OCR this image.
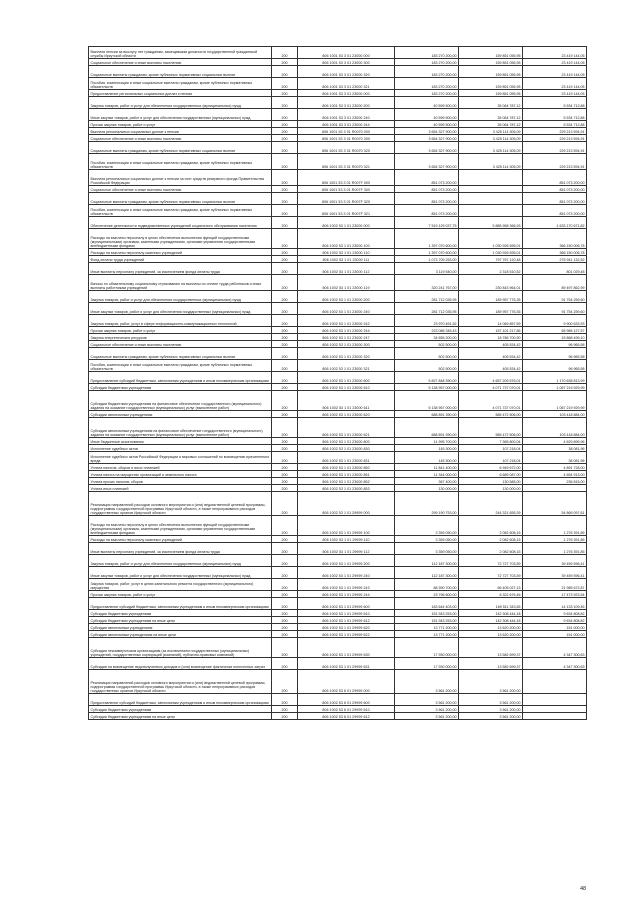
Выплата пенсии за выслугу лет гражданам, замещавшим должности государственной гражданской службы Иркутской области	200	806 1001 53 3 01 23000 000	183 270 200,00	159 851 055,95	23 419 144,05
Социальное обеспечение и иные выплаты населению	200	806 1001 53 3 01 23000 300	183 270 200,00	159 851 055,95	23 419 144,05
Социальные выплаты гражданам, кроме публичных нормативных социальных выплат	200	806 1001 53 3 01 23000 320	183 270 200,00	159 851 055,95	23 419 144,05
Пособия, компенсации и иные социальные выплаты гражданам, кроме публичных нормативных обязательств	200	806 1001 53 3 01 23000 321	183 270 200,00	159 851 055,95	23 419 144,05
Предоставление региональных социальных доплат к пенсии	200	806 1001 53 3 01 23000 000	183 270 200,00	159 851 055,95	23 419 144,05
Закупка товаров, работ и услуг для обеспечения государственных (муниципальных) нужд	200	806 1001 53 3 01 23000 200	40 599 500,00	35 064 787,12	5 534 712,88
Иные закупки товаров, работ и услуг для обеспечения государственных (муниципальных) нужд	200	806 1001 53 3 01 23000 240	40 599 500,00	35 064 787,12	5 534 712,88
Прочая закупка товаров, работ и услуг	200	806 1001 53 3 01 23000 244	40 599 500,00	35 064 787,12	5 534 712,88
Выплата региональных социальных доплат к пенсии	200	806 1001 53 3 01 R0070 000	3 654 327 900,00	3 425 114 305,09	229 213 594,91
Социальное обеспечение и иные выплаты населению	200	806 1001 53 3 01 R0070 300	3 654 327 900,00	3 425 114 305,09	229 213 594,91
Социальные выплаты гражданам, кроме публичных нормативных социальных выплат	200	806 1001 53 3 01 R0070 320	3 654 327 900,00	3 425 114 305,09	229 213 594,91
Пособия, компенсации и иные социальные выплаты гражданам, кроме публичных нормативных обязательств	200	806 1001 53 3 01 R0070 321	3 654 327 900,00	3 425 114 305,09	229 213 594,91
Выплата региональных социальных доплат к пенсии за счет средств резервного фонда Правительства Российской Федерации	200	806 1001 53 3 01 R007F 000	851 073 200,00		851 073 200,00
Социальное обеспечение и иные выплаты населению	200	806 1001 53 3 01 R007F 300	851 073 200,00		851 073 200,00
Социальные выплаты гражданам, кроме публичных нормативных социальных выплат	200	806 1001 53 3 01 R007F 320	851 073 200,00		851 073 200,00
Пособия, компенсации и иные социальные выплаты гражданам, кроме публичных нормативных обязательств	200	806 1001 53 3 01 R007F 321	851 073 200,00		851 073 200,00
Обеспечение деятельности подведомственных учреждений социального обслуживания населения	200	806 1002 53 1 01 23000 000	7 519 129 037,75	5 885 958 366,93	1 633 170 671,82
Расходы на выплаты персоналу в целях обеспечения выполнения функций государственными (муниципальными) органами, казенными учреждениями, органами управления государственными внебюджетными фондами	200	806 1002 53 1 01 23000 100	1 397 070 600,00	1 030 926 595,01	366 150 006,78
Расходы на выплаты персоналу казенных учреждений	200	806 1002 53 1 01 23000 110	1 397 070 600,00	1 030 926 595,01	366 150 006,78
Фонд оплаты труда учреждений	200	806 1002 53 1 01 23000 111	1 073 709 253,00	797 767 120,48	275 941 132,52
Иные выплаты персоналу учреждений, за исключением фонда оплаты труда	200	806 1002 53 1 01 23000 112	3 119 540,00	2 318 510,52	801 029,48
Взносы по обязательному социальному страхованию на выплаты по оплате труда работников и иные выплаты работникам учреждений	200	806 1002 53 1 01 23000 119	320 241 767,00	230 843 964,01	89 497 862,99
Закупка товаров, работ и услуг для обеспечения государственных (муниципальных) нужд	200	806 1002 53 1 01 23000 200	281 712 035,95	189 957 776,35	91 754 259,60
Иные закупки товаров, работ и услуг для обеспечения государственных (муниципальных) нужд	200	806 1002 53 1 01 23000 240	281 712 035,95	189 957 776,35	91 754 259,60
Закупка товаров, работ, услуг в сфере информационно-коммуникационных технологий	200	806 1002 53 1 01 23000 242	23 970 491,52	14 069 857,59	9 900 633,93
Прочая закупка товаров, работ и услуг	200	806 1002 53 1 01 23000 244	223 086 345,43	157 101 217,86	65 985 127,57
Закупка энергетических ресурсов	200	806 1002 53 1 01 23000 247	34 655 200,00	18 786 700,90	15 868 499,10
Социальное обеспечение и иные выплаты населению	200	806 1002 53 1 01 23000 300	502 500,00	405 534,42	96 965,58
Социальные выплаты гражданам, кроме публичных нормативных социальных выплат	200	806 1002 53 1 01 23000 320	502 500,00	405 534,42	96 965,58
Пособия, компенсации и иные социальные выплаты гражданам, кроме публичных нормативных обязательств	200	806 1002 53 1 01 23000 321	502 500,00	405 534,42	96 965,58
Предоставление субсидий бюджетным, автономным учреждениям и иным некоммерческим организациям	200	806 1002 53 1 01 23000 600	5 827 848 390,00	4 657 209 576,01	1 170 638 813,99
Субсидии бюджетным учреждениям	200	806 1002 53 1 01 23000 610	5 138 957 000,00	4 071 737 070,01	1 067 219 929,99
Субсидии бюджетным учреждениям на финансовое обеспечение государственного (муниципального) задания на оказание государственных (муниципальных) услуг (выполнение работ)	200	806 1002 53 1 01 23000 611	5 138 957 000,00	4 071 737 070,01	1 067 219 929,99
Субсидии автономным учреждениям	200	806 1002 53 1 01 23000 620	688 891 390,00	585 472 506,00	103 418 884,00
Субсидии автономным учреждениям на финансовое обеспечение государственного (муниципального) задания на оказание государственных (муниципальных) услуг (выполнение работ)	200	806 1002 53 1 01 23000 621	688 891 390,00	585 472 506,00	103 418 884,00
Иные бюджетные ассигнования	200	806 1002 53 1 01 23000 800	11 995 700,00	7 365 800,04	4 629 899,96
Исполнение судебных актов	200	806 1002 53 1 01 23000 830	145 300,00	107 218,04	38 081,96
Исполнение судебных актов Российской Федерации и мировых соглашений по возмещению причиненного вреда	200	806 1002 53 1 01 23000 831	145 300,00	107 218,04	38 081,96
Уплата налогов, сборов и иных платежей	200	806 1002 53 1 01 23000 850	11 841 400,00	6 949 672,00	4 891 728,00
Уплата налога на имущество организаций и земельного налога	200	806 1002 53 1 01 23000 851	11 344 000,00	6 689 087,00	4 654 913,00
Уплата прочих налогов, сборов	200	806 1002 53 1 01 23000 852	367 400,00	130 585,00	236 815,00
Уплата иных платежей	200	806 1002 53 1 01 23000 853	130 000,00	130 000,00	
Реализация направлений расходов основного мероприятия и (или) ведомственной целевой программы, подпрограммы государственной программы Иркутской области, а также непрограммных расходов государственных органов Иркутской области	200	806 1002 53 1 01 29999 000	299 190 753,00	244 321 655,39	54 869 097,61
Расходы на выплаты персоналу в целях обеспечения выполнения функций государственными (муниципальными) органами, казенными учреждениями, органами управления государственными внебюджетными фондами	200	806 1002 53 1 01 29999 100	3 359 050,00	2 082 608,15	1 276 391,85
Расходы на выплаты персоналу казенных учреждений	200	806 1002 53 1 01 29999 110	3 359 050,00	2 082 608,15	1 276 391,85
Иные выплаты персоналу учреждений, за исключением фонда оплаты труда	200	806 1002 53 1 01 29999 112	3 359 050,00	2 082 608,15	1 276 391,85
Закупка товаров, работ и услуг для обеспечения государственных (муниципальных) нужд	200	806 1002 53 1 01 29999 200	112 187 300,00	72 727 703,59	39 459 596,41
Иные закупки товаров, работ и услуг для обеспечения государственных (муниципальных) нужд	200	806 1002 53 1 01 29999 240	112 187 300,00	72 727 703,59	39 459 596,41
Закупка товаров, работ, услуг в целях капитального ремонта государственного (муниципального) имущества	200	806 1002 53 1 01 29999 243	88 390 700,00	66 405 027,13	21 985 672,87
Прочая закупка товаров, работ и услуг	200	806 1002 53 1 01 29999 244	23 796 600,00	6 322 676,46	17 473 923,54
Предоставление субсидий бюджетным, автономным учреждениям и иным некоммерческим организациям	200	806 1002 53 1 01 29999 600	183 644 403,00	169 511 343,65	14 133 109,45
Субсидии бюджетным учреждениям	200	806 1002 53 1 01 29999 610	151 943 253,00	142 308 444,18	9 634 808,82
Субсидии бюджетным учреждениям на иные цели	200	806 1002 53 1 01 29999 612	151 943 253,00	142 308 444,18	9 634 808,82
Субсидии автономным учреждениям	200	806 1002 53 1 01 29999 620	13 771 200,00	13 620 200,00	151 000,00
Субсидии автономным учреждениям на иные цели	200	806 1002 53 1 01 29999 622	13 771 200,00	13 620 200,00	151 000,00
Субсидии некоммерческим организациям (за исключением государственных (муниципальных) учреждений, государственных корпораций (компаний), публично-правовых компаний)	200	806 1002 53 1 01 29999 630	17 930 000,00	13 582 699,37	4 347 300,63
Субсидии на возмещение недополученных доходов и (или) возмещение фактически понесенных затрат	200	806 1002 53 1 01 29999 631	17 930 000,00	13 582 699,37	4 347 300,63
Реализация направлений расходов основного мероприятия и (или) ведомственной целевой программы, подпрограммы государственной программы Иркутской области, а также непрограммных расходов государственных органов Иркутской области	200	806 1002 53 6 01 29999 000	3 561 200,00	3 561 200,00	
Предоставление субсидий бюджетным, автономным учреждениям и иным некоммерческим организациям	200	806 1002 53 6 01 29999 600	3 561 200,00	3 561 200,00	
Субсидии бюджетным учреждениям	200	806 1002 53 6 01 29999 610	3 561 200,00	3 561 200,00	
Субсидии бюджетным учреждениям на иные цели	200	806 1002 53 6 01 29999 612	3 561 200,00	3 561 200,00	
48
